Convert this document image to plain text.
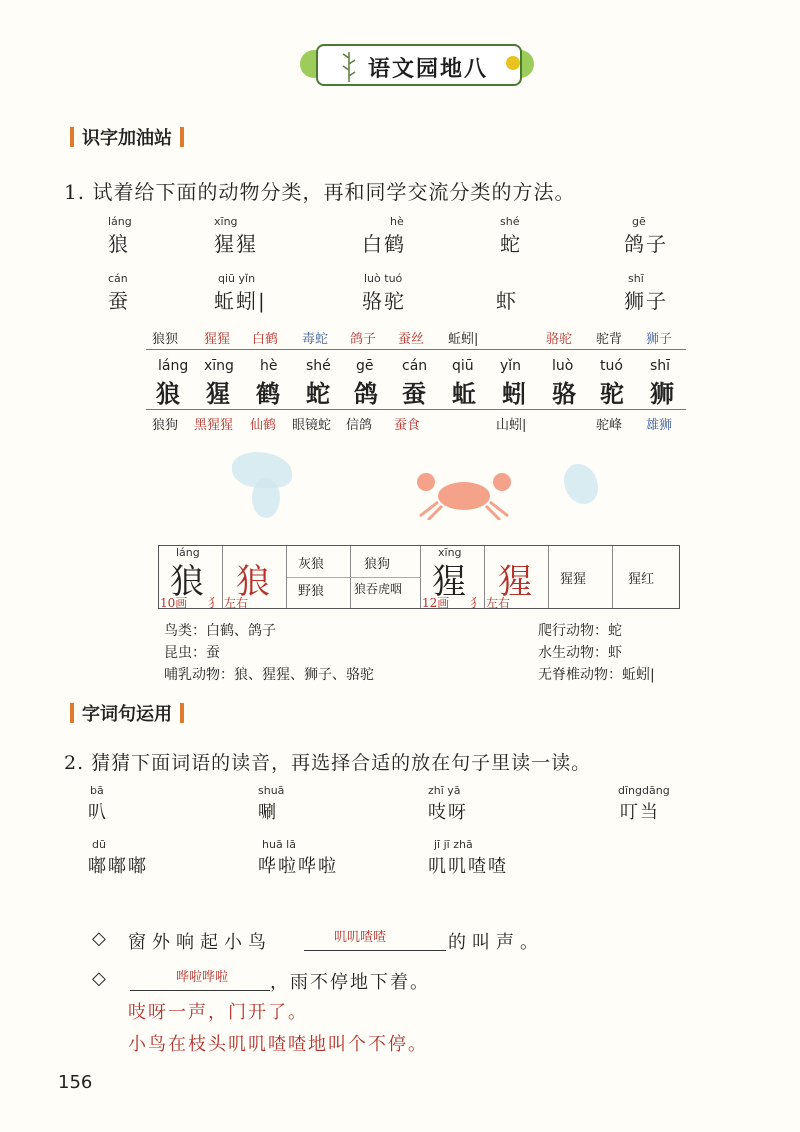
语文园地八
识字加油站
1. 试着给下面的动物分类，再和同学交流分类的方法。
láng
狼
xīng
猩猩
hè
白鹤
shé
蛇
gē
鸽子
cán
蚕
qiū yǐn
蚯蚓|
luò tuó
骆驼	虾
shī
狮子
狼狈 猩猩 白鹤 毒蛇 鸽子 蚕丝 蚯蚓|	骆驼 驼背 狮子
láng xīng hè shé gē cán qiū yǐn luò tuó shī
狼 猩 鹤 蛇 鸽 蚕 蚯 蚓 骆 驼 狮
狼狗 黑猩猩 仙鹤 眼镜蛇 信鸽 蚕食	山蚓|	驼峰 雄狮
láng
狼 狼
10画 犭 左右
灰狼	狼狗
野狼 狼吞虎咽
xīng
猩 猩
12画 犭 左右
猩猩	猩红
鸟类：白鹤、鸽子
昆虫：蚕
哺乳动物：狼、猩猩、狮子、骆驼
爬行动物：蛇
水生动物：虾
无脊椎动物：蚯蚓|
字词句运用
2. 猜猜下面词语的读音，再选择合适的放在句子里读一读。
bā
叭
shuā
唰
zhī yā
吱呀
dīngdāng
叮当
dū
嘟嘟嘟
huā lā
哗啦哗啦
jī jī zhā
叽叽喳喳
◇ 窗外响起小鸟	叽叽喳喳	的叫声。
◇	哗啦哗啦 ，雨不停地下着。
吱呀一声，门开了。
小鸟在枝头叽叽喳喳地叫个不停。
156
